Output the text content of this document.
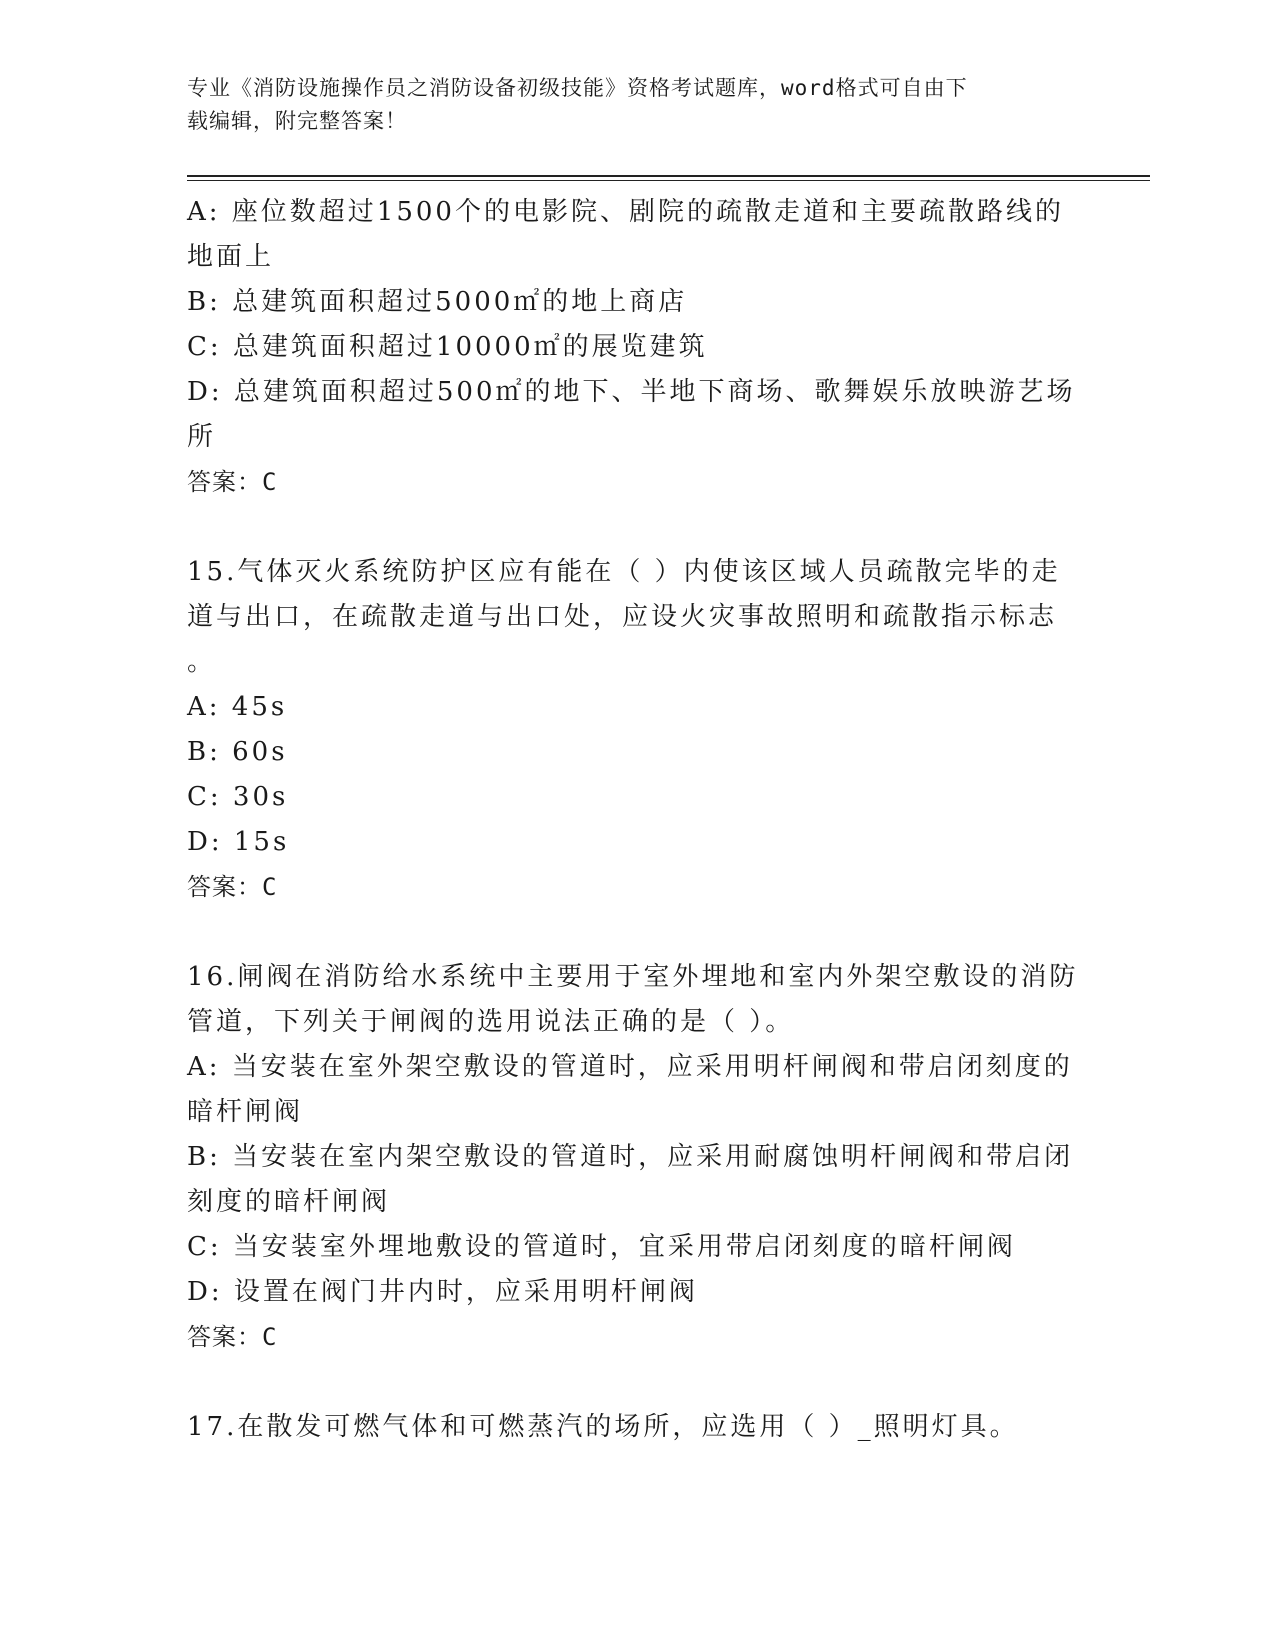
专业《消防设施操作员之消防设备初级技能》资格考试题库，word格式可自由下
载编辑，附完整答案！
A: 座位数超过1500个的电影院、剧院的疏散走道和主要疏散路线的
地面上
B: 总建筑面积超过5000㎡的地上商店
C: 总建筑面积超过10000㎡的展览建筑
D: 总建筑面积超过500㎡的地下、半地下商场、歌舞娱乐放映游艺场
所
答案：C
15.气体灭火系统防护区应有能在（ ）内使该区域人员疏散完毕的走
道与出口，在疏散走道与出口处，应设火灾事故照明和疏散指示标志
。
A: 45s
B: 60s
C: 30s
D: 15s
答案：C
16.闸阀在消防给水系统中主要用于室外埋地和室内外架空敷设的消防
管道，下列关于闸阀的选用说法正确的是（ ）。
A: 当安装在室外架空敷设的管道时，应采用明杆闸阀和带启闭刻度的
暗杆闸阀
B: 当安装在室内架空敷设的管道时，应采用耐腐蚀明杆闸阀和带启闭
刻度的暗杆闸阀
C: 当安装室外埋地敷设的管道时，宜采用带启闭刻度的暗杆闸阀
D: 设置在阀门井内时，应采用明杆闸阀
答案：C
17.在散发可燃气体和可燃蒸汽的场所，应选用（ ）_照明灯具。
